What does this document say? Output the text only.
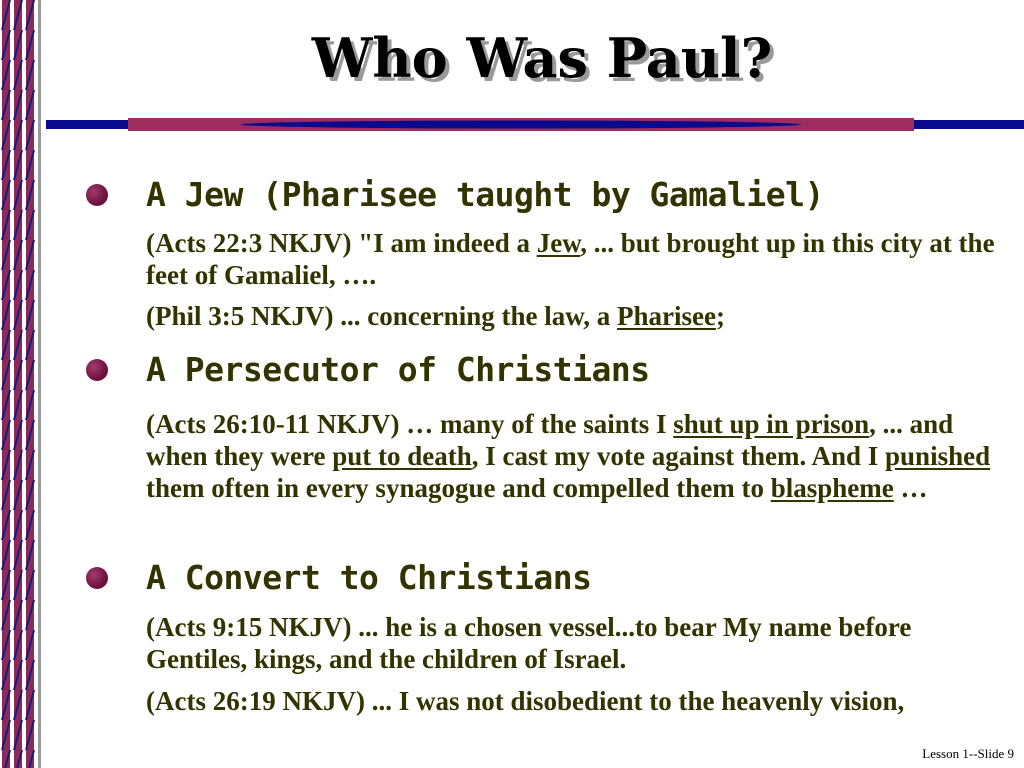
Who Was Paul?
A Jew (Pharisee taught by Gamaliel)
(Acts 22:3 NKJV) "I am indeed a Jew, ... but brought up in this city at the feet of Gamaliel, ….
(Phil 3:5 NKJV) ... concerning the law, a Pharisee;
A Persecutor of Christians
(Acts 26:10-11 NKJV) … many of the saints I shut up in prison, ... and when they were put to death, I cast my vote against them. And I punished them often in every synagogue and compelled them to blaspheme …
A Convert to Christians
(Acts 9:15 NKJV) ... he is a chosen vessel...to bear My name before Gentiles, kings, and the children of Israel.
(Acts 26:19 NKJV) ... I was not disobedient to the heavenly vision,
Lesson 1--Slide 9
